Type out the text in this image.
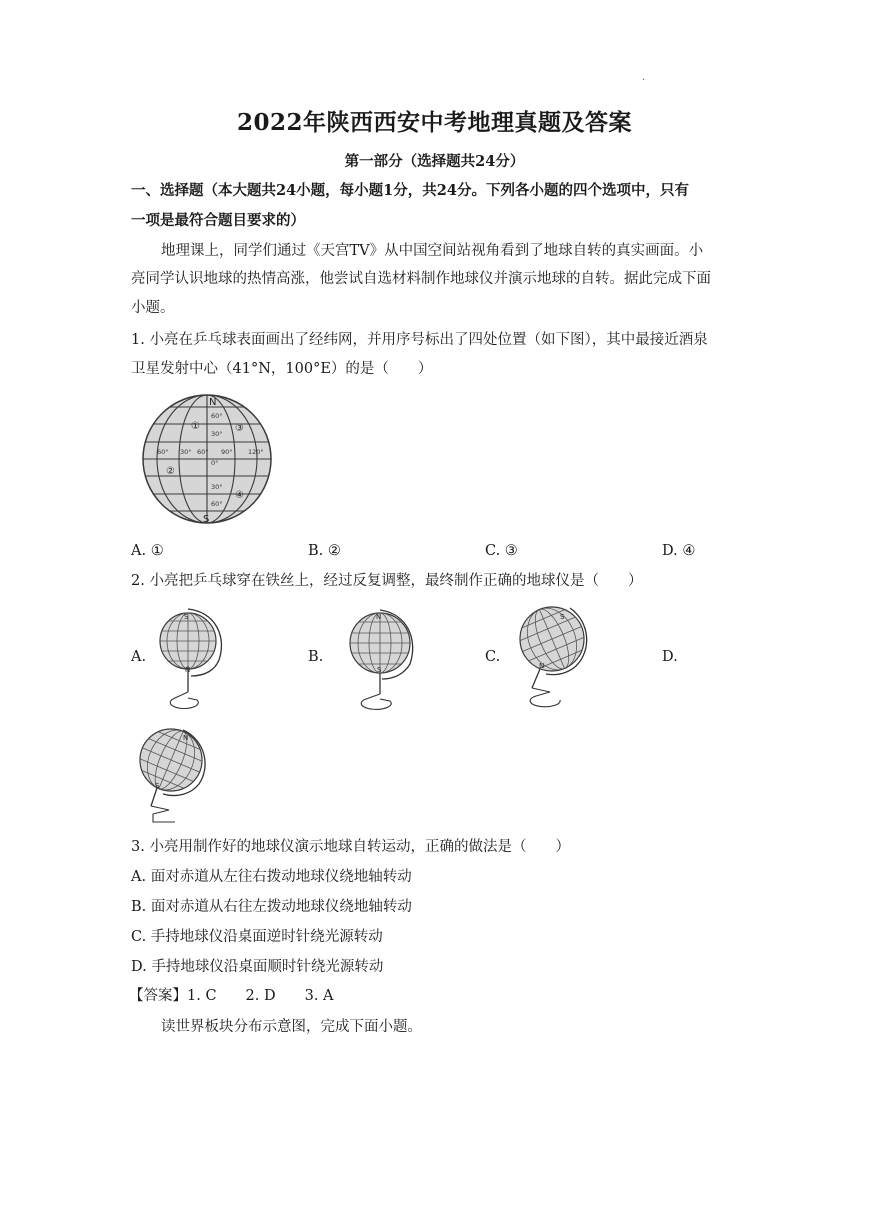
.
2022年陕西西安中考地理真题及答案
第一部分（选择题共24分）
一、选择题（本大题共24小题，每小题1分，共24分。下列各小题的四个选项中，只有
一项是最符合题目要求的）
地理课上，同学们通过《天宫TV》从中国空间站视角看到了地球自转的真实画面。小
亮同学认识地球的热情高涨，他尝试自选材料制作地球仪并演示地球的自转。据此完成下面
小题。
1. 小亮在乒乓球表面画出了经纬网，并用序号标出了四处位置（如下图），其中最接近酒泉
卫星发射中心（41°N，100°E）的是（　　）
N
S
①
②
③
④
60°
30°
0°
30°
60°
60° 30° 60° 90° 120°
A. ①	B. ②	C. ③	D. ④
2. 小亮把乒乓球穿在铁丝上，经过反复调整，最终制作正确的地球仪是（　　）
A.	B.	C.	D.
S
N
N
S
S
N
N
S
3. 小亮用制作好的地球仪演示地球自转运动，正确的做法是（　　）
A. 面对赤道从左往右拨动地球仪绕地轴转动
B. 面对赤道从右往左拨动地球仪绕地轴转动
C. 手持地球仪沿桌面逆时针绕光源转动
D. 手持地球仪沿桌面顺时针绕光源转动
【答案】1. C　　2. D　　3. A
读世界板块分布示意图，完成下面小题。
